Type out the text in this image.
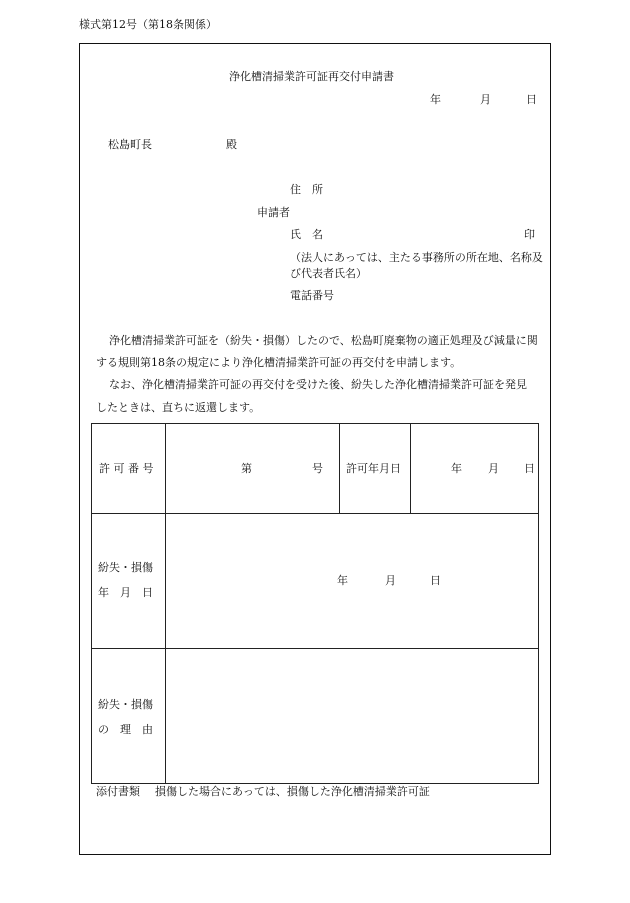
様式第12号（第18条関係）
浄化槽清掃業許可証再交付申請書
年	月	日
松島町長	殿
住　所
申請者
氏　名	印
（法人にあっては、主たる事務所の所在地、名称及
び代表者氏名）
電話番号
浄化槽清掃業許可証を（紛失・損傷）したので、松島町廃棄物の適正処理及び減量に関
する規則第18条の規定により浄化槽清掃業許可証の再交付を申請します。
なお、浄化槽清掃業許可証の再交付を受けた後、紛失した浄化槽清掃業許可証を発見
したときは、直ちに返還します。
許 可 番 号	第 号	許可年月日	年 月 日

紛失・損傷
年　月　日	年 月 日		

紛失・損傷
の　理　由			

添付書類 損傷した場合にあっては、損傷した浄化槽清掃業許可証
